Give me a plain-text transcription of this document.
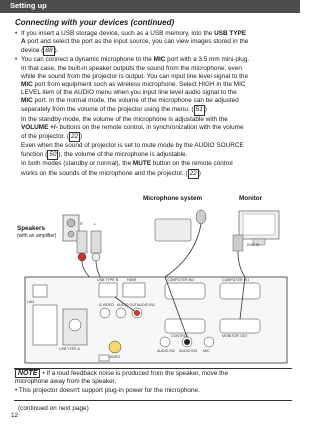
Setting up
Connecting with your devices (continued)

• If you insert a USB storage device, such as a USB memory, into the USB TYPE

A port and select the port as the input source, you can view images stored in the

device ( 88 ).

• You can connect a dynamic microphone to the MIC port with a 3.5 mm mini-plug.

In that case, the built-in speaker outputs the sound from the microphone, even

while the sound from the projector is output. You can input line level signal to the

MIC port from equipment such as wireless microphone. Select HIGH in the MIC

LEVEL item of the AUDIO menu when you input line level audio signal to the

MIC port. In the normal mode, the volume of the microphone can be adjusted

separately from the volume of the projector using the menu. ( 51 )

In the standby mode, the volume of the microphone is adjustable with the

VOLUME +/- buttons on the remote control, in synchronization with the volume

of the projector. ( 22 )

Even when the sound of projector is set to mute mode by the AUDIO SOURCE

function ( 50 ), the volume of the microphone is adjustable.

In both modes (standby or normal), the MUTE button on the remote control

works on the sounds of the microphone and the projector. ( 22 )

Speakers
(with an amplifier)
Microphone system	Monitor
RGB IN
R	L
LAN
USB TYPE B HDMI	COMPUTER IN2	COMPUTER IN1
S-VIDEO AUDIO OUT AUDIO IN1
CONTROL	MONITOR OUT
AUDIO IN2 AUDIO IN3 MIC
VIDEO
USB TYPE A
NOTE • If a loud feedback noise is produced from the speaker, move the
microphone away from the speaker.
• This projector doesn't support plug-in power for the microphone.
(continued on next page)
12
